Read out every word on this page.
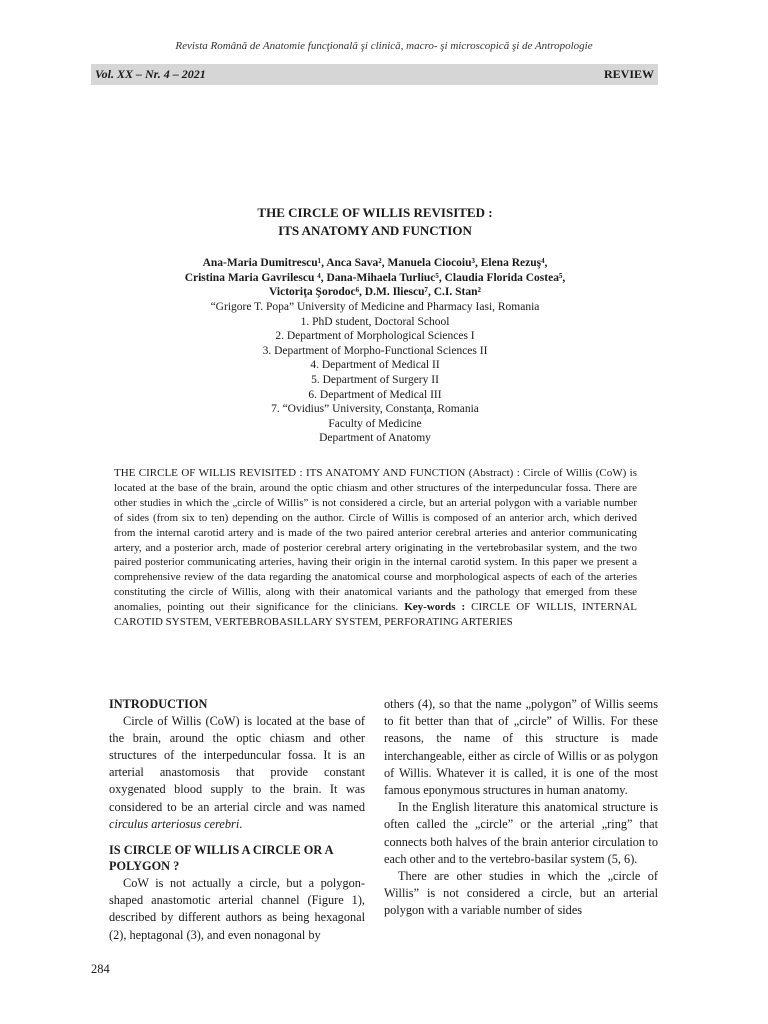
Revista Română de Anatomie funcţională şi clinică, macro- şi microscopică şi de Antropologie
Vol. XX – Nr. 4 – 2021	REVIEW
THE CIRCLE OF WILLIS REVISITED :
ITS ANATOMY AND FUNCTION
Ana-Maria Dumitrescu¹, Anca Sava², Manuela Ciocoiu³, Elena Rezuş⁴,
Cristina Maria Gavrilescu ⁴, Dana-Mihaela Turliuc⁵, Claudia Florida Costea⁵,
Victoriţa Şorodoc⁶, D.M. Iliescu⁷, C.I. Stan²
“Grigore T. Popa” University of Medicine and Pharmacy Iasi, Romania
1. PhD student, Doctoral School
2. Department of Morphological Sciences I
3. Department of Morpho-Functional Sciences II
4. Department of Medical II
5. Department of Surgery II
6. Department of Medical III
7. “Ovidius” University, Constanţa, Romania
Faculty of Medicine
Department of Anatomy
THE CIRCLE OF WILLIS REVISITED : ITS ANATOMY AND FUNCTION (Abstract) : Circle of Willis (CoW) is located at the base of the brain, around the optic chiasm and other structures of the interpeduncular fossa. There are other studies in which the „circle of Willis” is not considered a circle, but an arterial polygon with a variable number of sides (from six to ten) depending on the author. Circle of Willis is composed of an anterior arch, which derived from the internal carotid artery and is made of the two paired anterior cerebral arteries and anterior communicating artery, and a posterior arch, made of posterior cerebral artery originating in the vertebrobasilar system, and the two paired posterior communicating arteries, having their origin in the internal carotid system. In this paper we present a comprehensive review of the data regarding the anatomical course and morphological aspects of each of the arteries constituting the circle of Willis, along with their anatomical variants and the pathology that emerged from these anomalies, pointing out their significance for the clinicians. Key-words : CIRCLE OF WILLIS, INTERNAL CAROTID SYSTEM, VERTEBROBASILLARY SYSTEM, PERFORATING ARTERIES
INTRODUCTION

Circle of Willis (CoW) is located at the base of the brain, around the optic chiasm and other structures of the interpeduncular fossa. It is an arterial anastomosis that provide constant oxygenated blood supply to the brain. It was considered to be an arterial circle and was named circulus arteriosus cerebri.

IS CIRCLE OF WILLIS A CIRCLE OR A POLYGON ?

CoW is not actually a circle, but a polygon-shaped anastomotic arterial channel (Figure 1), described by different authors as being hexagonal (2), heptagonal (3), and even nonagonal by

others (4), so that the name „polygon” of Willis seems to fit better than that of „circle” of Willis. For these reasons, the name of this structure is made interchangeable, either as circle of Willis or as polygon of Willis. Whatever it is called, it is one of the most famous eponymous structures in human anatomy.

In the English literature this anatomical structure is often called the „circle” or the arterial „ring” that connects both halves of the brain anterior circulation to each other and to the vertebro-basilar system (5, 6).

There are other studies in which the „circle of Willis” is not considered a circle, but an arterial polygon with a variable number of sides

284
